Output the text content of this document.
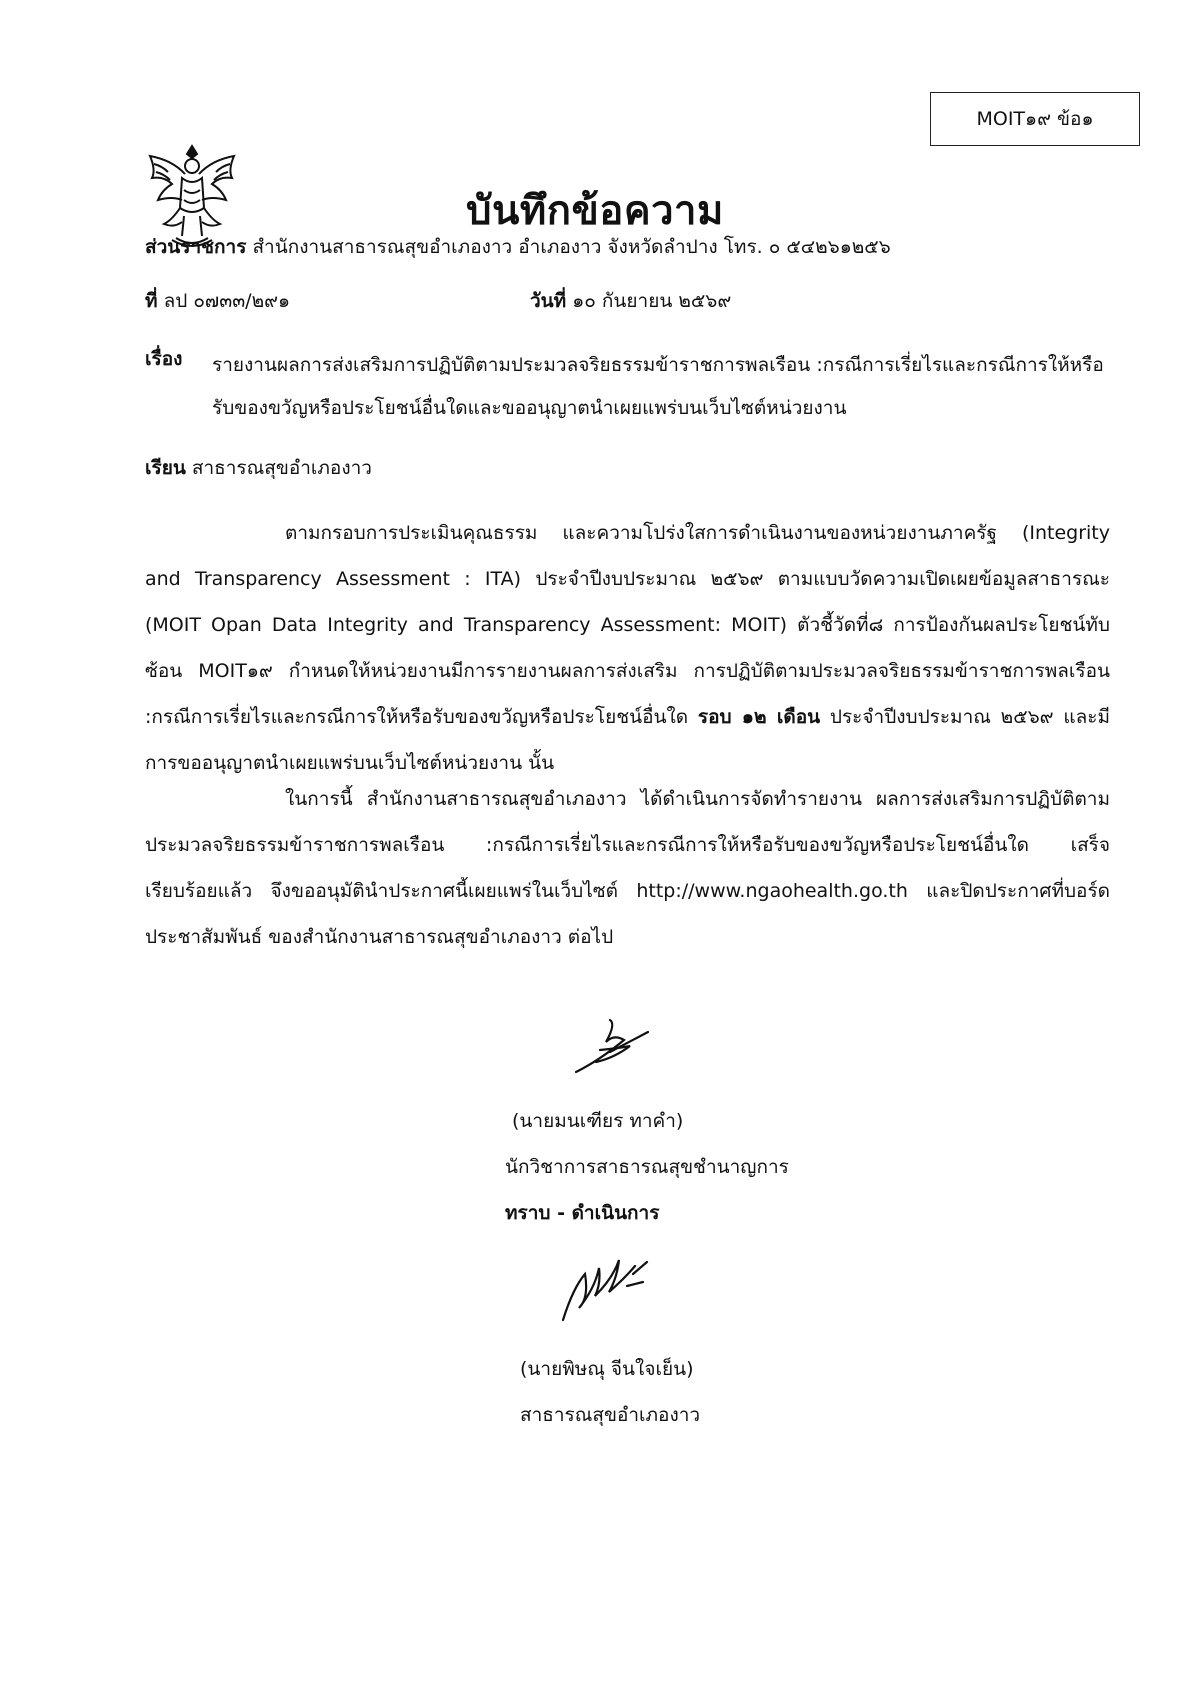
MOIT๑๙ ข้อ๑
บันทึกข้อความ
ส่วนราชการ สำนักงานสาธารณสุขอำเภองาว อำเภองาว จังหวัดลำปาง โทร. ๐ ๕๔๒๖๑๒๕๖
ที่ ลป ๐๗๓๓/๒๙๑	วันที่ ๑๐ กันยายน ๒๕๖๙
เรื่อง รายงานผลการส่งเสริมการปฏิบัติตามประมวลจริยธรรมข้าราชการพลเรือน :กรณีการเรี่ยไรและกรณีการให้หรือรับของขวัญหรือประโยชน์อื่นใดและขออนุญาตนำเผยแพร่บนเว็บไซต์หน่วยงาน
เรียน สาธารณสุขอำเภองาว
ตามกรอบการประเมินคุณธรรม และความโปร่งใสการดำเนินงานของหน่วยงานภาครัฐ (Integrity and Transparency Assessment : ITA) ประจำปีงบประมาณ ๒๕๖๙ ตามแบบวัดความเปิดเผยข้อมูลสาธารณะ (MOIT Opan Data Integrity and Transparency Assessment: MOIT) ตัวชี้วัดที่๘ การป้องกันผลประโยชน์ทับซ้อน MOIT๑๙ กำหนดให้หน่วยงานมีการรายงานผลการส่งเสริม การปฏิบัติตามประมวลจริยธรรมข้าราชการพลเรือน :กรณีการเรี่ยไรและกรณีการให้หรือรับของขวัญหรือประโยชน์อื่นใด รอบ ๑๒ เดือน ประจำปีงบประมาณ ๒๕๖๙ และมีการขออนุญาตนำเผยแพร่บนเว็บไซต์หน่วยงาน นั้น
ในการนี้ สำนักงานสาธารณสุขอำเภองาว ได้ดำเนินการจัดทำรายงาน ผลการส่งเสริมการปฏิบัติตามประมวลจริยธรรมข้าราชการพลเรือน :กรณีการเรี่ยไรและกรณีการให้หรือรับของขวัญหรือประโยชน์อื่นใด เสร็จเรียบร้อยแล้ว จึงขออนุมัตินำประกาศนี้เผยแพร่ในเว็บไซต์ http://www.ngaohealth.go.th และปิดประกาศที่บอร์ดประชาสัมพันธ์ ของสำนักงานสาธารณสุขอำเภองาว ต่อไป
(นายมนเฑียร ทาคำ)
นักวิชาการสาธารณสุขชำนาญการ
ทราบ - ดำเนินการ
(นายพิษณุ จีนใจเย็น)
สาธารณสุขอำเภองาว
